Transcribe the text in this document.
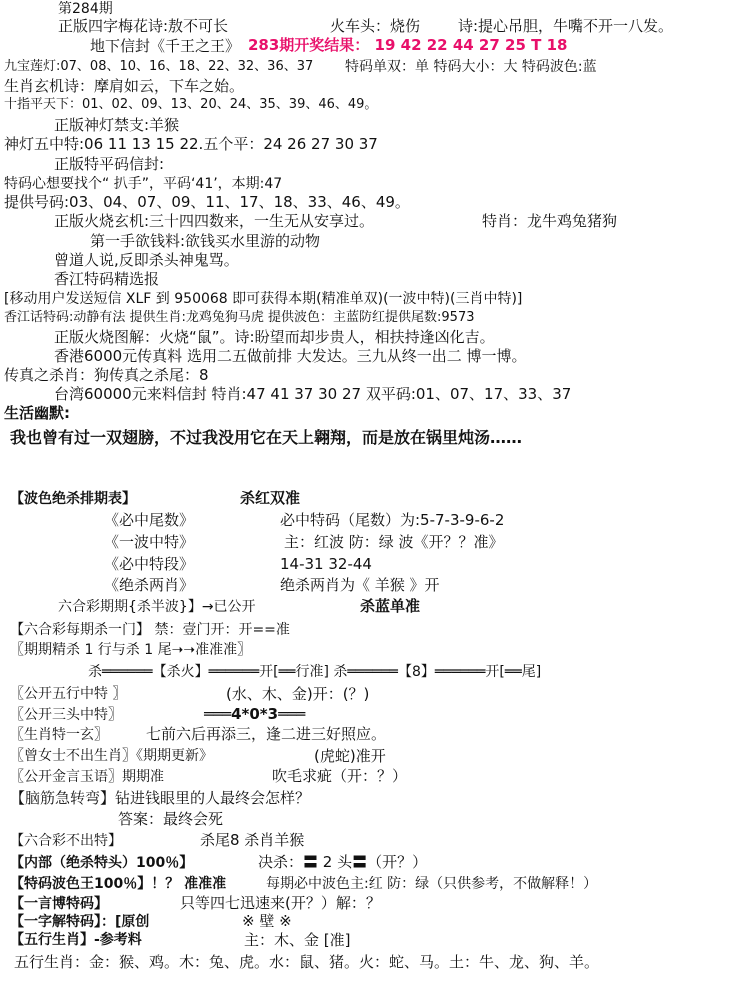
第284期
正版四字梅花诗:敖不可长	火车头：烧伤	诗:提心吊胆，牛嘴不开一八发。
地下信封《千王之王》 283期开奖结果： 19 42 22 44 27 25 T 18
九宝莲灯:07、08、10、16、18、22、32、36、37 特码单双：单 特码大小：大 特码波色:蓝
生肖玄机诗：摩肩如云，下车之始。
十指平天下：01、02、09、13、20、24、35、39、46、49。
正版神灯禁支:羊猴
神灯五中特:06 11 13 15 22.五个平：24 26 27 30 37
正版特平码信封:
特码心想要找个“ 扒手”，平码‘41’，本期:47
提供号码:03、04、07、09、11、17、18、33、46、49。
正版火烧玄机:三十四四数来，一生无从安享过。	特肖：龙牛鸡兔猪狗
第一手欲钱料:欲钱买水里游的动物
曾道人说,反即杀头神鬼骂。
香江特码精选报
[移动用户发送短信 XLF 到 950068 即可获得本期(精准单双)(一波中特)(三肖中特)]
香江话特码:动静有法 提供生肖:龙鸡兔狗马虎 提供波色：主蓝防红提供尾数:9573
正版火烧图解：火烧“鼠”。诗:盼望而却步贵人，相扶持逢凶化吉。
香港6000元传真料 选用二五做前排 大发达。三九从终一出二 博一博。
传真之杀肖：狗传真之杀尾：8
台湾60000元来料信封 特肖:47 41 37 30 27 双平码:01、07、17、33、37
生活幽默:
我也曾有过一双翅膀，不过我没用它在天上翱翔，而是放在锅里炖汤……
【波色绝杀排期表】	杀红双准
《必中尾数》	必中特码（尾数）为:5-7-3-9-6-2
《一波中特》	主：红波 防：绿 波《开？？准》
《必中特段》	14-31 32-44
《绝杀两肖》	绝杀两肖为《 羊猴 》开
六合彩期期{杀半波}】→已公开	杀蓝单准
【六合彩每期杀一门】 禁：壹门开：开==准
〖期期精杀 1 行与杀 1 尾➝➝准准准〗
杀══════【杀火】══════开[══行准] 杀══════【8】══════开[══尾]
〖公开五行中特 〗	(水、木、金)开：(？)
〖公开三头中特〗	═══4*0*3═══
〖生肖特一玄〗	七前六后再添三，逢二进三好照应。
〖曾女士不出生肖〗《期期更新》	(虎蛇)准开
〖公开金言玉语〗期期准	吹毛求疵（开：？）
【脑筋急转弯】钻进钱眼里的人最终会怎样？
答案：最终会死
【六合彩不出特】	杀尾8 杀肖羊猴
【内部（绝杀特头）100％】	决杀：〓 2 头〓（开？）
【特码波色王100％】！？ 准准准	每期必中波色主:红 防：绿（只供参考，不做解释！）
【一言博特码】	只等四七迅速来(开？）解：？
【一字解特码】：[原创	※ 壁 ※
【五行生肖】-参考料	主：木、金 [准]
五行生肖：金：猴、鸡。木：兔、虎。水：鼠、猪。火：蛇、马。土：牛、龙、狗、羊。
